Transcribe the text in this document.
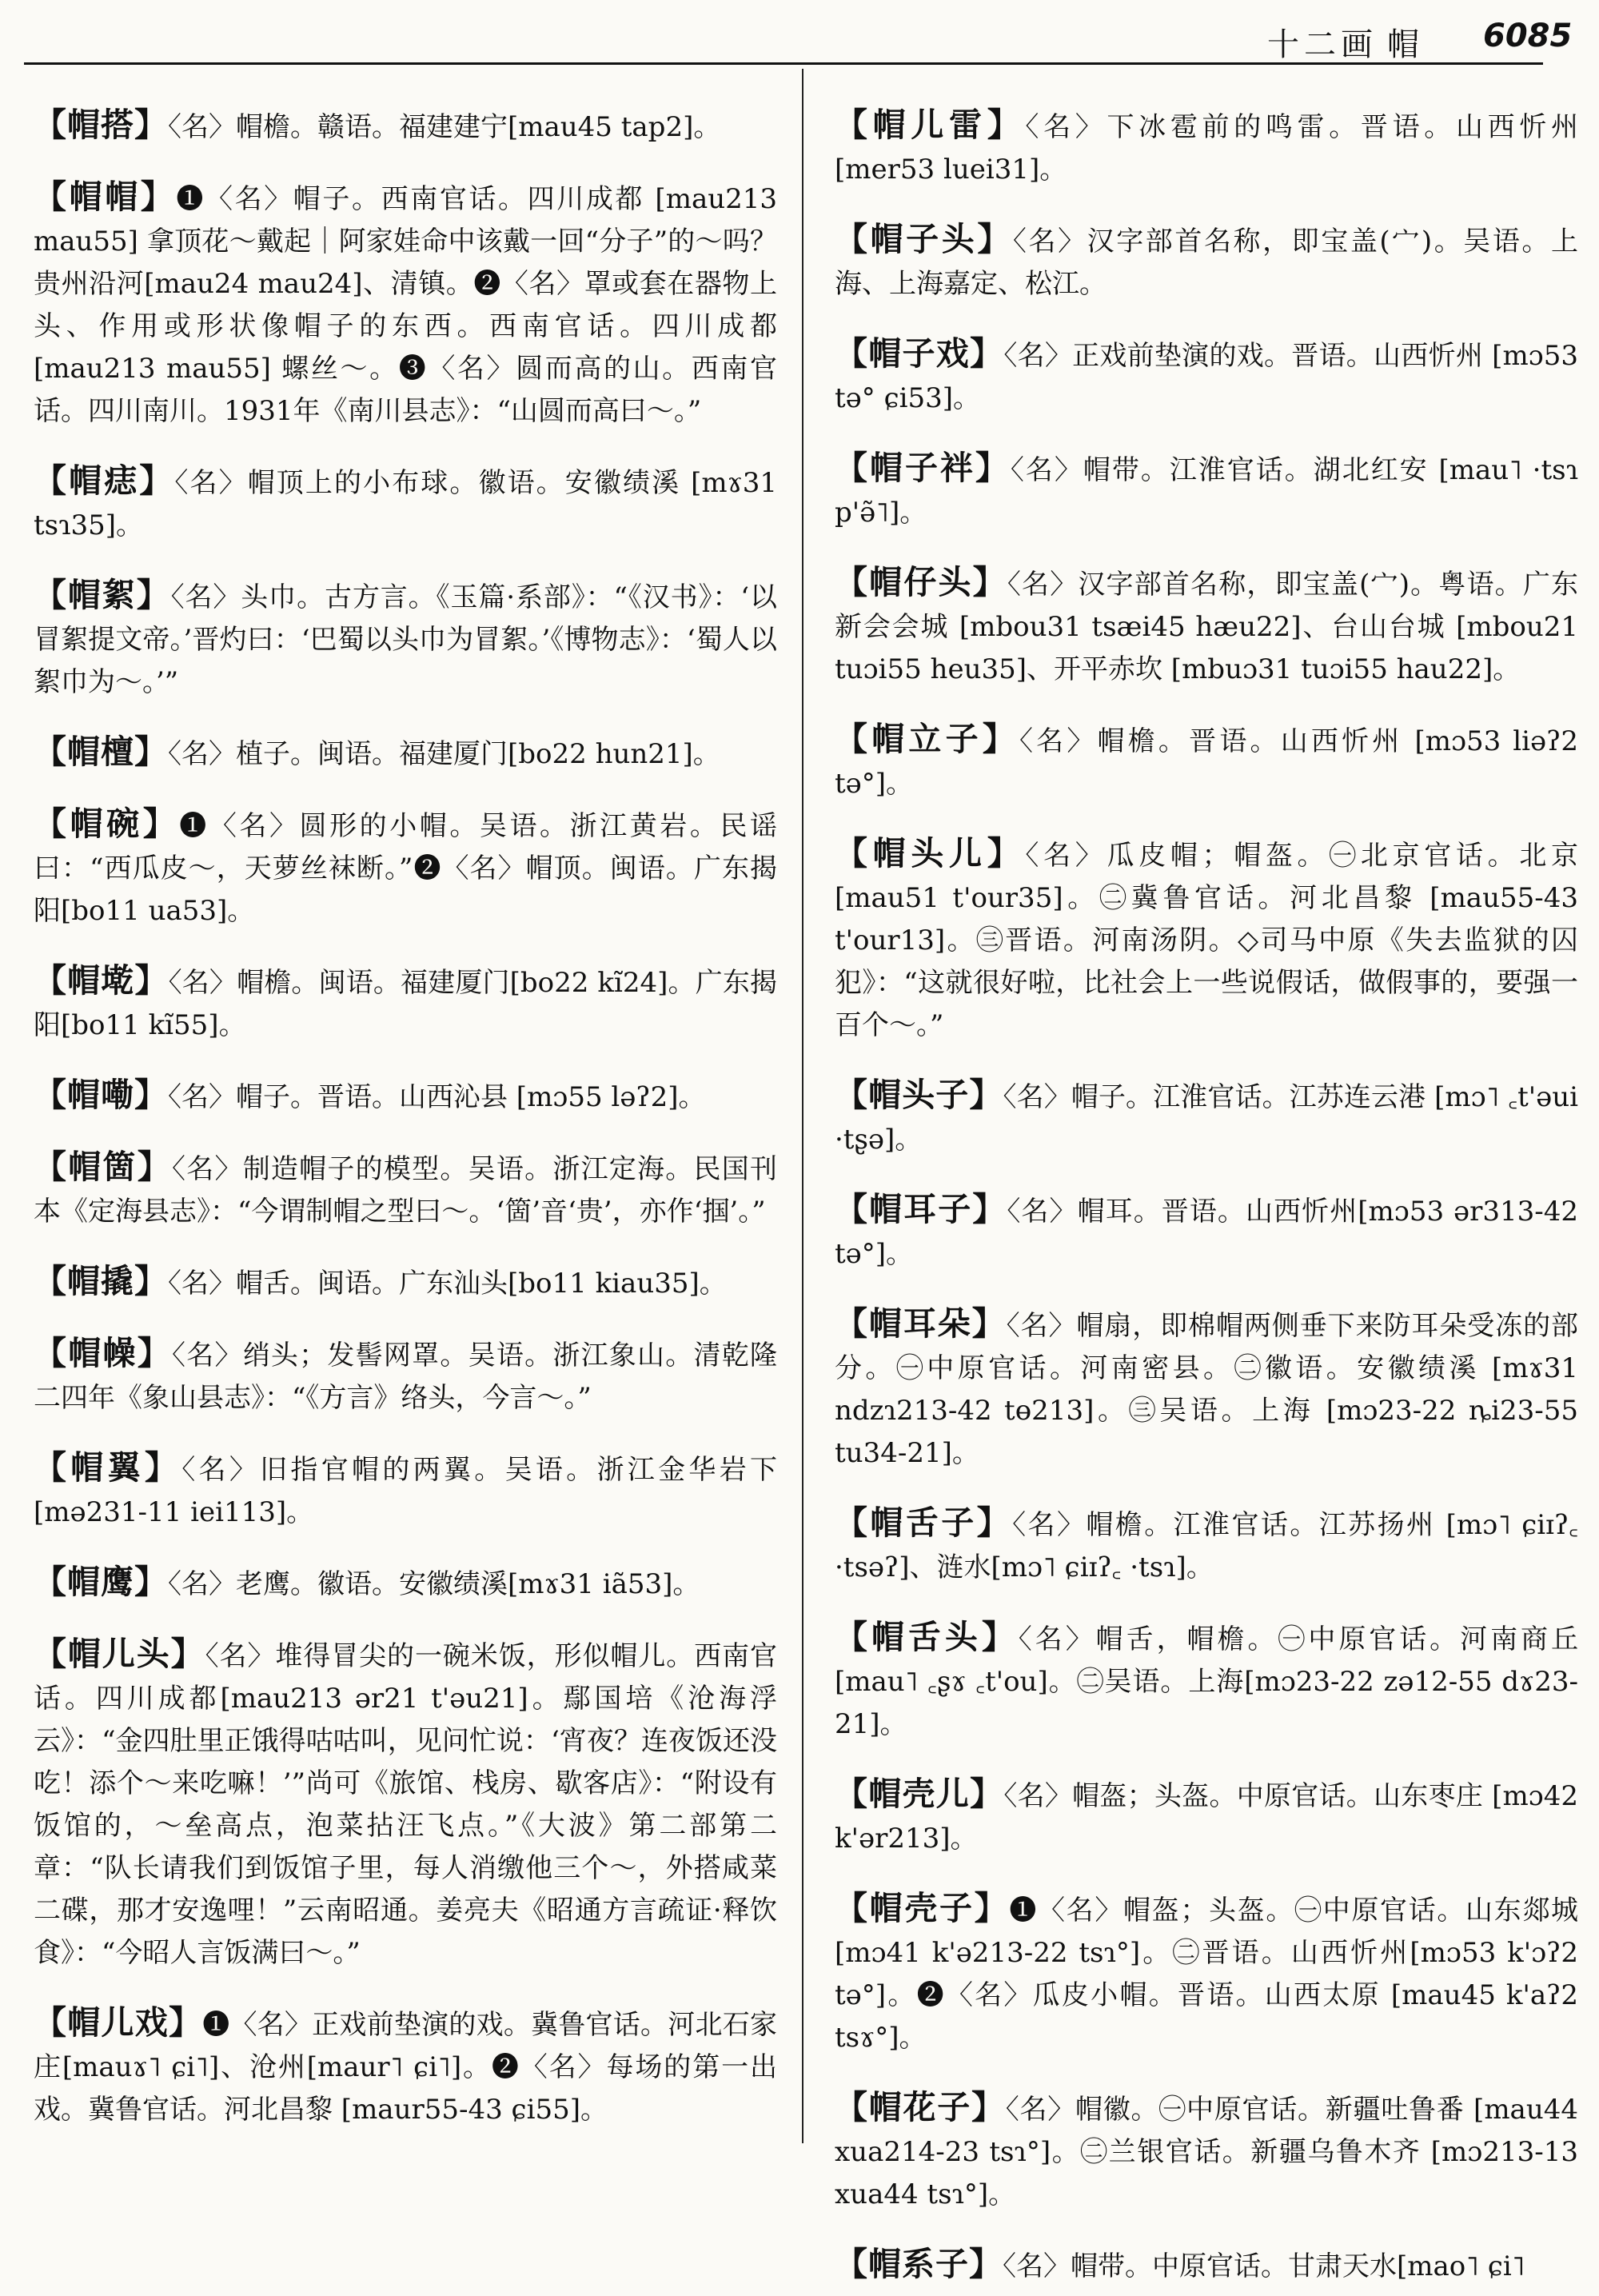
十二画 帽 6085

【帽搭】〈名〉帽檐。赣语。福建建宁[mau45 tap2]。

【帽帽】❶〈名〉帽子。西南官话。四川成都 [mau213 mau55] 拿顶花～戴起｜阿家娃命中该戴一回“分子”的～吗？贵州沿河[mau24 mau24]、清镇。❷〈名〉罩或套在器物上头、作用或形状像帽子的东西。西南官话。四川成都[mau213 mau55] 螺丝～。❸〈名〉圆而高的山。西南官话。四川南川。1931年《南川县志》：“山圆而高曰～。”

【帽痣】〈名〉帽顶上的小布球。徽语。安徽绩溪 [mɤ31 tsɿ35]。

【帽絮】〈名〉头巾。古方言。《玉篇·系部》：“《汉书》：‘以冒絮提文帝。’晋灼曰：‘巴蜀以头巾为冒絮。’《博物志》：‘蜀人以絮巾为～。’”

【帽檀】〈名〉植子。闽语。福建厦门[bo22 hun21]。

【帽碗】❶〈名〉圆形的小帽。吴语。浙江黄岩。民谣曰：“西瓜皮～，天萝丝袜断。”❷〈名〉帽顶。闽语。广东揭阳[bo11 ua53]。

【帽墘】〈名〉帽檐。闽语。福建厦门[bo22 kĩ24]。广东揭阳[bo11 kĩ55]。

【帽嘞】〈名〉帽子。晋语。山西沁县 [mɔ55 ləʔ2]。

【帽箇】〈名〉制造帽子的模型。吴语。浙江定海。民国刊本《定海县志》：“今谓制帽之型曰～。‘箇’音‘贵’，亦作‘掴’。”

【帽撬】〈名〉帽舌。闽语。广东汕头[bo11 kiau35]。

【帽幧】〈名〉绡头；发髻网罩。吴语。浙江象山。清乾隆二四年《象山县志》：“《方言》络头，今言～。”

【帽翼】〈名〉旧指官帽的两翼。吴语。浙江金华岩下 [mə231-11 iei113]。

【帽鹰】〈名〉老鹰。徽语。安徽绩溪[mɤ31 iã53]。

【帽儿头】〈名〉堆得冒尖的一碗米饭，形似帽儿。西南官话。四川成都[mau213 ər21 t'əu21]。鄢国培《沧海浮云》：“金四肚里正饿得咕咕叫，见问忙说：‘宵夜？连夜饭还没吃！添个～来吃嘛！’”尚可《旅馆、栈房、歇客店》：“附设有饭馆的，～垒高点，泡菜拈汪飞点。”《大波》第二部第二章：“队长请我们到饭馆子里，每人消缴他三个～，外搭咸菜二碟，那才安逸哩！”云南昭通。姜亮夫《昭通方言疏证·释饮食》：“今昭人言饭满曰～。”

【帽儿戏】❶〈名〉正戏前垫演的戏。冀鲁官话。河北石家庄[mauɤ˥ ɕi˥]、沧州[maur˥ ɕi˥]。❷〈名〉每场的第一出戏。冀鲁官话。河北昌黎 [maur55-43 ɕi55]。

【帽儿雷】〈名〉下冰雹前的鸣雷。晋语。山西忻州 [mer53 luei31]。

【帽子头】〈名〉汉字部首名称，即宝盖(宀)。吴语。上海、上海嘉定、松江。

【帽子戏】〈名〉正戏前垫演的戏。晋语。山西忻州 [mɔ53 tə° ɕi53]。

【帽子袢】〈名〉帽带。江淮官话。湖北红安 [mau˥ ·tsɿ p'ə̃˥]。

【帽仔头】〈名〉汉字部首名称，即宝盖(宀)。粤语。广东新会会城 [mbou31 tsæi45 hæu22]、台山台城 [mbou21 tuɔi55 heu35]、开平赤坎 [mbuɔ31 tuɔi55 hau22]。

【帽立子】〈名〉帽檐。晋语。山西忻州 [mɔ53 liəʔ2 tə°]。

【帽头儿】〈名〉瓜皮帽；帽盔。㊀北京官话。北京 [mau51 t'our35]。㊁冀鲁官话。河北昌黎 [mau55-43 t'our13]。㊂晋语。河南汤阴。◇司马中原《失去监狱的囚犯》：“这就很好啦，比社会上一些说假话，做假事的，要强一百个～。”

【帽头子】〈名〉帽子。江淮官话。江苏连云港 [mɔ˥ ꜀t'əui ·tʂə]。

【帽耳子】〈名〉帽耳。晋语。山西忻州[mɔ53 ər313-42 tə°]。

【帽耳朵】〈名〉帽扇，即棉帽两侧垂下来防耳朵受冻的部分。㊀中原官话。河南密县。㊁徽语。安徽绩溪 [mɤ31 ndzɿ213-42 tɵ213]。㊂吴语。上海 [mɔ23-22 ȵi23-55 tu34-21]。

【帽舌子】〈名〉帽檐。江淮官话。江苏扬州 [mɔ˥ ɕiɪʔ꜀ ·tsəʔ]、涟水[mɔ˥ ɕiɪʔ꜀ ·tsɿ]。

【帽舌头】〈名〉帽舌，帽檐。㊀中原官话。河南商丘 [mau˥ ꜀ʂɤ ꜀t'ou]。㊁吴语。上海[mɔ23-22 zə12-55 dɤ23-21]。

【帽壳儿】〈名〉帽盔；头盔。中原官话。山东枣庄 [mɔ42 k'ər213]。

【帽壳子】❶〈名〉帽盔；头盔。㊀中原官话。山东郯城[mɔ41 k'ə213-22 tsɿ°]。㊁晋语。山西忻州[mɔ53 k'ɔʔ2 tə°]。❷〈名〉瓜皮小帽。晋语。山西太原 [mau45 k'aʔ2 tsɤ°]。

【帽花子】〈名〉帽徽。㊀中原官话。新疆吐鲁番 [mau44 xua214-23 tsɿ°]。㊁兰银官话。新疆乌鲁木齐 [mɔ213-13 xua44 tsɿ°]。

【帽系子】〈名〉帽带。中原官话。甘肃天水[mao˥ ɕi˥
